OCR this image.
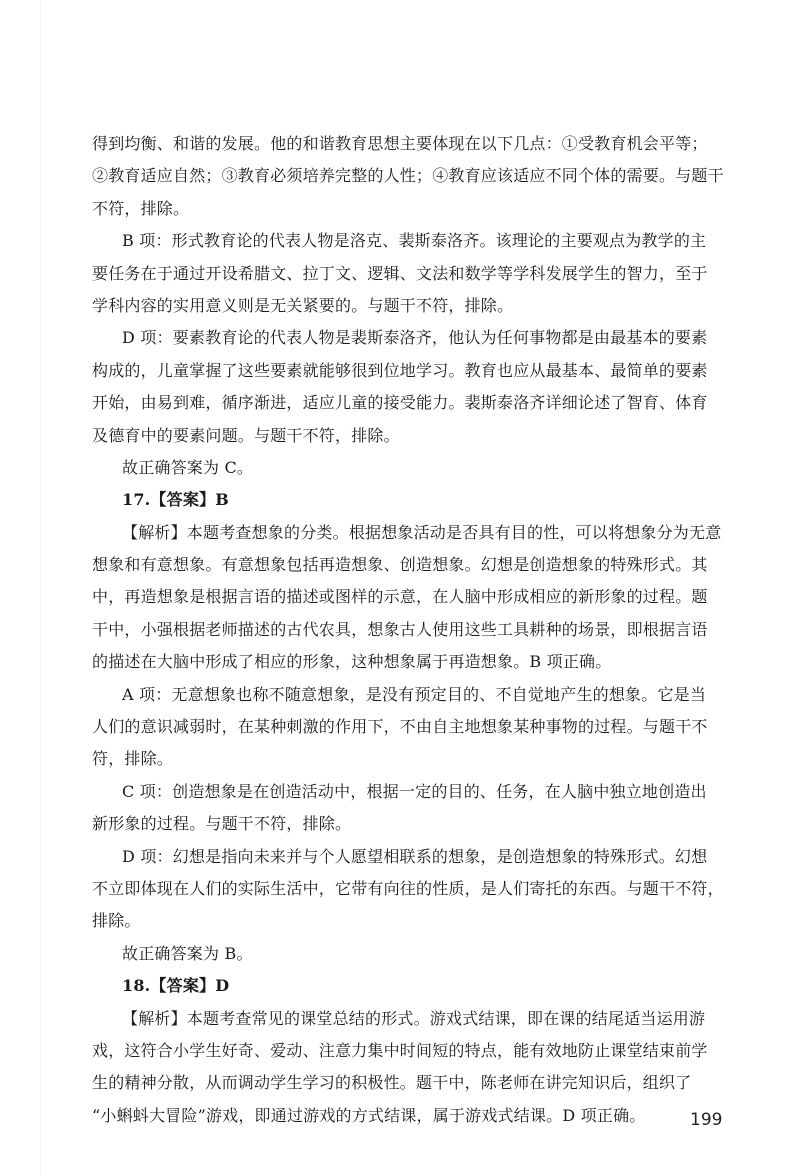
得到均衡、和谐的发展。他的和谐教育思想主要体现在以下几点：①受教育机会平等；
②教育适应自然；③教育必须培养完整的人性；④教育应该适应不同个体的需要。与题干
不符，排除。
B 项：形式教育论的代表人物是洛克、裴斯泰洛齐。该理论的主要观点为教学的主
要任务在于通过开设希腊文、拉丁文、逻辑、文法和数学等学科发展学生的智力，至于
学科内容的实用意义则是无关紧要的。与题干不符，排除。
D 项：要素教育论的代表人物是裴斯泰洛齐，他认为任何事物都是由最基本的要素
构成的，儿童掌握了这些要素就能够很到位地学习。教育也应从最基本、最简单的要素
开始，由易到难，循序渐进，适应儿童的接受能力。裴斯泰洛齐详细论述了智育、体育
及德育中的要素问题。与题干不符，排除。
故正确答案为 C。
17.【答案】B
【解析】本题考查想象的分类。根据想象活动是否具有目的性，可以将想象分为无意
想象和有意想象。有意想象包括再造想象、创造想象。幻想是创造想象的特殊形式。其
中，再造想象是根据言语的描述或图样的示意，在人脑中形成相应的新形象的过程。题
干中，小强根据老师描述的古代农具，想象古人使用这些工具耕种的场景，即根据言语
的描述在大脑中形成了相应的形象，这种想象属于再造想象。B 项正确。
A 项：无意想象也称不随意想象，是没有预定目的、不自觉地产生的想象。它是当
人们的意识减弱时，在某种刺激的作用下，不由自主地想象某种事物的过程。与题干不
符，排除。
C 项：创造想象是在创造活动中，根据一定的目的、任务，在人脑中独立地创造出
新形象的过程。与题干不符，排除。
D 项：幻想是指向未来并与个人愿望相联系的想象，是创造想象的特殊形式。幻想
不立即体现在人们的实际生活中，它带有向往的性质，是人们寄托的东西。与题干不符，
排除。
故正确答案为 B。
18.【答案】D
【解析】本题考查常见的课堂总结的形式。游戏式结课，即在课的结尾适当运用游
戏，这符合小学生好奇、爱动、注意力集中时间短的特点，能有效地防止课堂结束前学
生的精神分散，从而调动学生学习的积极性。题干中，陈老师在讲完知识后，组织了
“小蝌蚪大冒险”游戏，即通过游戏的方式结课，属于游戏式结课。D 项正确。	199
